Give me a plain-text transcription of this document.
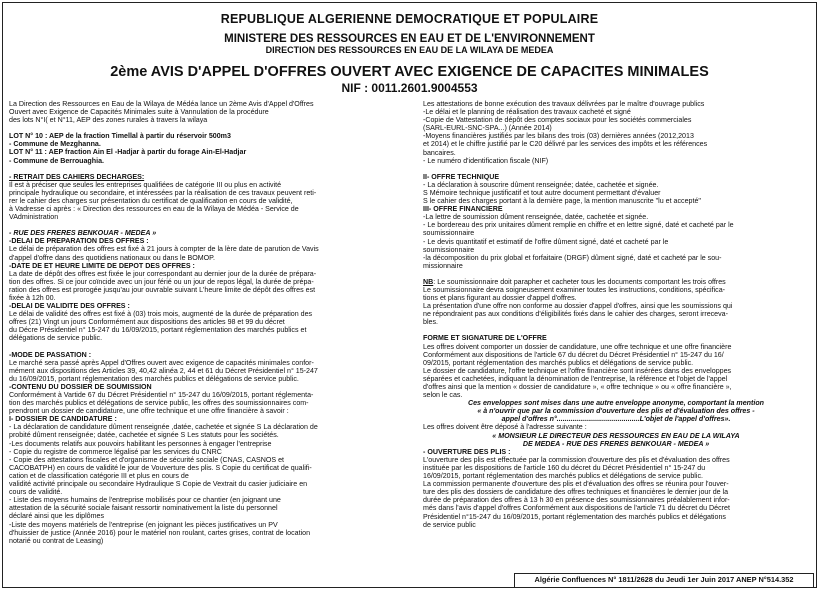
REPUBLIQUE ALGERIENNE DEMOCRATIQUE ET POPULAIRE
MINISTERE DES RESSOURCES EN EAU ET DE L'ENVIRONNEMENT
DIRECTION DES RESSOURCES EN EAU DE LA WILAYA DE MEDEA
2ème AVIS D'APPEL D'OFFRES OUVERT AVEC EXIGENCE DE CAPACITES MINIMALES
NIF : 0011.2601.9004553

La Direction des Ressources en Eau de la Wilaya de Médéa lance un 2ème Avis d'Appel d'Offres

Ouvert avec Exigence de Capacités Minimales suite à Vannulation de la procédure

des lots N°I( et N°11, AEP des zones rurales à travers la wilaya

LOT N° 10 : AEP de la fraction Timellal à partir du réservoir 500m3

- Commune de Mezghanna.

LOT N° 11 : AEP fraction Ain El -Hadjar à partir du forage Ain-El-Hadjar

- Commune de Berrouaghia.

- RETRAIT DES CAHIERS DECHARGES:

Il est à préciser que seules les entreprises qualifiées de catégorie III ou plus en activité

principale hydraulique ou secondaire, et intéressées par la réalisation de ces travaux peuvent reti-

rer le cahier des charges sur présentation du certificat de qualification en cours de validité,

à Vadresse ci après : « Direction des ressources en eau de la Wilaya de Médéa - Service de

VAdministration

- RUE DES FRERES BENKOUAR - MEDEA »

-DELAI DE PREPARATION DES OFFRES :

Le délai de préparation des offres est fixé à 21 jours à compter de la lère date de parution de Vavis

d'appel d'offre dans des quotidiens nationaux ou dans le BOMOP.

-DATE DE ET HEURE LIMITE DE DEPOT DES OFFRES :

La date de dépôt des offres est fixée le jour correspondant au dernier jour de la durée de prépara-

tion des offres. Si ce jour coïncide avec un jour férié ou un jour de repos légal, la durée de prépa-

ration des offres est prorogée jusqu'au jour ouvrable suivant L'heure limite de dépôt des offres est

fixée à 12h 00.

-DELAI DE VALIDITE DES OFFRES :

Le délai de validité des offres est fixé à (03) trois mois, augmenté de la durée de préparation des

offres (21) Vingt un jours Conformément aux dispositions des articles 98 et 99 du décret

du Décre Présidentiel n° 15-247 du 16/09/2015, portant réglementation des marchés publics et

délégations de service public.

-MODE DE PASSATION :

Le marché sera passé après Appel d'Offres ouvert avec exigence de capacités minimales confor-

mément aux dispositions des Articles 39, 40,42 alinéa 2, 44 et 61 du Décret Présidentiel n° 15-247

du 16/09/2015, portant réglementation des marchés publics et délégations de service public.

-CONTENU DU DOSSIER DE SOUMISSION

Conformément à Vartide 67 du Décret Présidentiel n° 15-247 du 16/09/2015, portant réglementa-

tion des marchés publics et délégations de service public, les offres des soumissionnaires com-

prendront un dossier de candidature, une offre technique et une offre financière à savoir :

I- DOSSIER DE CANDIDATURE :

- La déclaration de candidature dûment renseignée ,datée, cachetée et signée S La déclaration de

probité dûment renseignée; datée, cachetée et signée S Les statuts pour les sociétés.

-Les documents relatifs aux pouvoirs habilitant les personnes à engager l'entreprise

- Copie du registre de commerce légalisé par les services du CNRC

- Copie des attestations fiscales et d'organisme de sécurité sociale (CNAS, CASNOS et

CACOBATPH) en cours de validité le jour de Vouverture des plis. S Copie du certificat de qualifi-

cation et de classification catégorie III et plus en cours de

validité activité principale ou secondaire Hydraulique S Copie de Vextrait du casier judiciaire en

cours de validité.

- Liste des moyens humains de l'entreprise mobilisés pour ce chantier (en joignant une

attestation de la sécurité sociale faisant ressortir nominativement la liste du personnel

déclaré ainsi que les diplômes

-Liste des moyens matériels de l'entreprise (en joignant les pièces justificatives un PV

d'huissier de justice (Année 2016) pour le matériel non roulant, cartes grises, contrat de location

notarié ou contrat de Leasing)

Les attestations de bonne exécution des travaux délivrées par le maître d'ouvrage publics

-Le délai et le planning de réalisation des travaux cacheté et signé

-Copie de Vattestation de dépôt des comptes sociaux pour les sociétés commerciales

(SARL-EURL-SNC-SPA...) (Année 2014)

-Moyens financières justifiés par les bilans des trois (03) dernières années (2012,2013

et 2014) et le chiffre justifié par le C20 délivré par les services des impôts et les références

bancaires.

- Le numéro d'identification fiscale (NIF)

II- OFFRE TECHNIQUE

- La déclaration à souscrire dûment renseignée; datée, cachetée et signée.

S Mémoire technique justificatif et tout autre document permettant d'évaluer

S le cahier des charges portant à la dernière page, la mention manuscrite "lu et accepté"

III- OFFRE FINANCIERE

-La lettre de soumission dûment renseignée, datée, cachetée et signée.

- Le bordereau des prix unitaires dûment remplie en chiffre et en lettre signé, daté et cacheté par le

soumissionnaire

- Le devis quantitatif et estimatif de l'offre dûment signé, daté et cacheté par le

soumissionnaire

-la décomposition du prix global et forfaitaire (DRGF) dûment signé, daté et cacheté par le sou-

missionnaire

NB: Le soumissionnaire doit parapher et cacheter tous les documents comportant les trois offres

Le soumissionnaire devra soigneusement examiner toutes les instructions, conditions, spécifica-

tions et plans figurant au dossier d'appel d'offres.

La présentation d'une offre non conforme au dossier d'appel d'offres, ainsi que les soumissions qui

ne répondraient pas aux conditions d'éligibilités fixés dans le cahier des charges, seront irreceva-

bles.

FORME ET SIGNATURE DE L'OFFRE

Les offres doivent comporter un dossier de candidature, une offre technique et une offre financière

Conformément aux dispositions de l'article 67 du décret du Décret Présidentiel n° 15-247 du 16/

09/2015, portant réglementation des marchés publics et délégations de service public.

Le dossier de candidature, l'offre technique et l'offre financière sont insérées dans des enveloppes

séparées et cachetées, indiquant la dénomination de l'entreprise, la référence et l'objet de l'appel

d'offres ainsi que la mention « dossier de candidature », « offre technique » ou « offre financière »,

selon le cas.

Ces enveloppes sont mises dans une autre enveloppe anonyme, comportant la mention

« à n'ouvrir que par la commission d'ouverture des plis et d'évaluation des offres -

appel d'offres n°..........................................L'objet de l'appel d'offres».

Les offres doivent être déposé à l'adresse suivante :

« MONSIEUR LE DIRECTEUR DES RESSOURCES EN EAU DE LA WILAYA

DE MEDEA - RUE DES FRERES BENKOUAR - MEDEA »

- OUVERTURE DES PLIS :

L'ouverture des plis est effectuée par la commission d'ouverture des plis et d'évaluation des offres

instituée par les dispositions de l'article 160 du décret du Décret Présidentiel n° 15-247 du

16/09/2015, portant réglementation des marchés publics et délégations de service public.

La commission permanente d'ouverture des plis et d'évaluation des offres se réunira pour l'ouver-

ture des plis des dossiers de candidature des offres techniques et financières le dernier jour de la

durée de préparation des offres à 13 h 30 en présence des soumissionnaires préalablement infor-

més dans l'avis d'appel d'offres Conformément aux dispositions de l'article 71 du décret du Décret

Présidentiel n°15-247 du 16/09/2015, portant réglementation des marchés publics et délégations

de service public

Algérie Confluences N° 1811/2628 du Jeudi 1er Juin 2017 ANEP N°514.352
